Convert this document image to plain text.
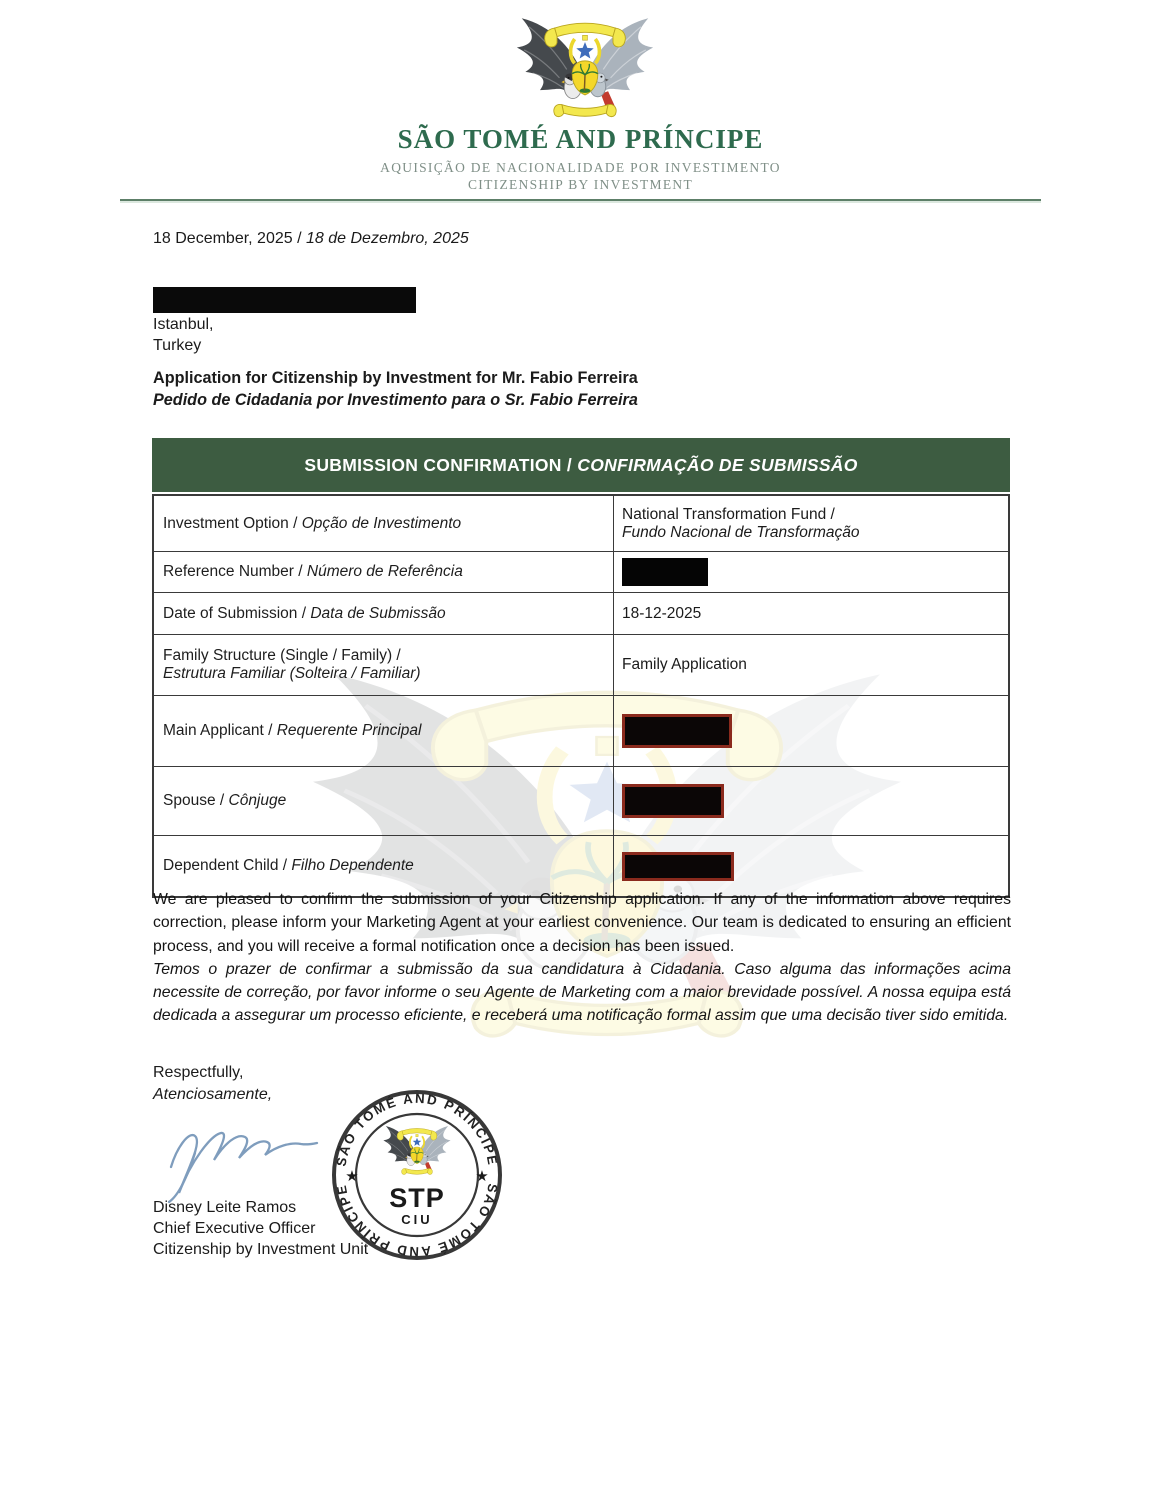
SÃO TOMÉ AND PRÍNCIPE
AQUISIÇÃO DE NACIONALIDADE POR INVESTIMENTO
CITIZENSHIP BY INVESTMENT
18 December, 2025 / 18 de Dezembro, 2025
Istanbul,
Turkey
Application for Citizenship by Investment for Mr. Fabio Ferreira
Pedido de Cidadania por Investimento para o Sr. Fabio Ferreira
SUBMISSION CONFIRMATION / CONFIRMAÇÃO DE SUBMISSÃO
Investment Option / Opção de Investimento
National Transformation Fund /
Fundo Nacional de Transformação
Reference Number / Número de Referência
Date of Submission / Data de Submissão	18-12-2025
Family Structure (Single / Family) /
Estrutura Familiar (Solteira / Familiar)
Family Application
Main Applicant / Requerente Principal
Spouse / Cônjuge
Dependent Child / Filho Dependente

We are pleased to confirm the submission of your Citizenship application. If any of the information above requires correction, please inform your Marketing Agent at your earliest convenience. Our team is dedicated to ensuring an efficient process, and you will receive a formal notification once a decision has been issued.

Temos o prazer de confirmar a submissão da sua candidatura à Cidadania. Caso alguma das informações acima necessite de correção, por favor informe o seu Agente de Marketing com a maior brevidade possível. A nossa equipa está dedicada a assegurar um processo eficiente, e receberá uma notificação formal assim que uma decisão tiver sido emitida.

Respectfully,
Atenciosamente,
SÃO TOMÉ AND PRÍNCIPE
SÃO TOMÉ AND PRÍNCIPE
★	★
STP
CIU
Disney Leite Ramos
Chief Executive Officer
Citizenship by Investment Unit
